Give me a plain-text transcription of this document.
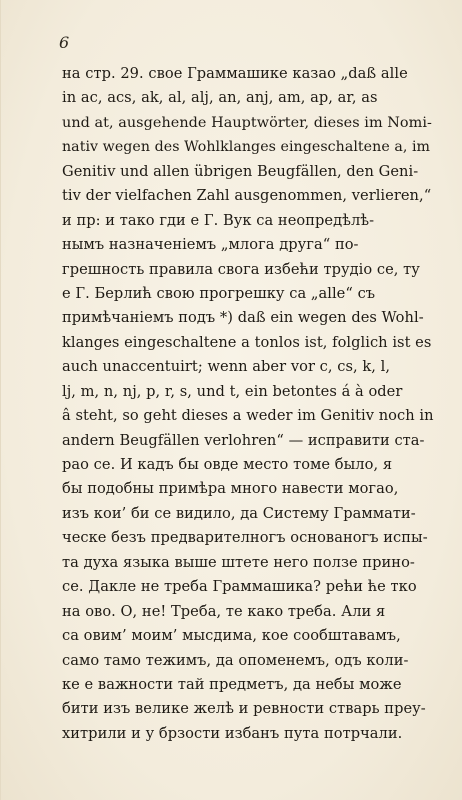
6
на стр. 29. свое Граммашике казао „daß alle
in ac, acs, ak, al, alj, an, anj, am, ap, ar, as
und at, ausgehende Hauptwörter, dieses im Nomi-
nativ wegen des Wohlklanges eingeschaltene a, im
Genitiv und allen übrigen Beugfällen, den Geni-
tiv der vielfachen Zahl ausgenommen, verlieren,“
и пр: и тако гди е Г. Вук са неопредѣлѣ-
нымъ назначенiемъ „млога друга“ по-
грешность правила свога избећи трудio се, ту
е Г. Берлић свою прогрешку са „alle“ съ
примѣчанiемъ подъ *) daß ein wegen des Wohl-
klanges eingeschaltene a tonlos ist, folglich ist es
auch unaccentuirt; wenn aber vor c, cs, k, l,
lj, m, n, nj, p, r, s, und t, ein betontes á à oder
â steht, so geht dieses a weder im Genitiv noch in
andern Beugfällen verlohren“ — исправити ста-
рао се. И кадъ бы овде место томе было, я
бы подобны примѣра много навести могао,
изъ кои’ би се видило, да Систему Граммати-
ческе безъ предварителногъ основаногъ испы-
та духа языка выше штете него ползе прино-
се. Дакле не треба Граммашика? рећи ће тко
на ово. О, не! Треба, те како треба. Али я
са овим’ моим’ мысдима, кое сообштавамъ,
само тамо тежимъ, да опоменемъ, одъ коли-
ке е важности тай предметъ, да небы може
бити изъ велике желѣ и ревности стварь преу-
хитрили и у брзости избанъ пута потрчали.
